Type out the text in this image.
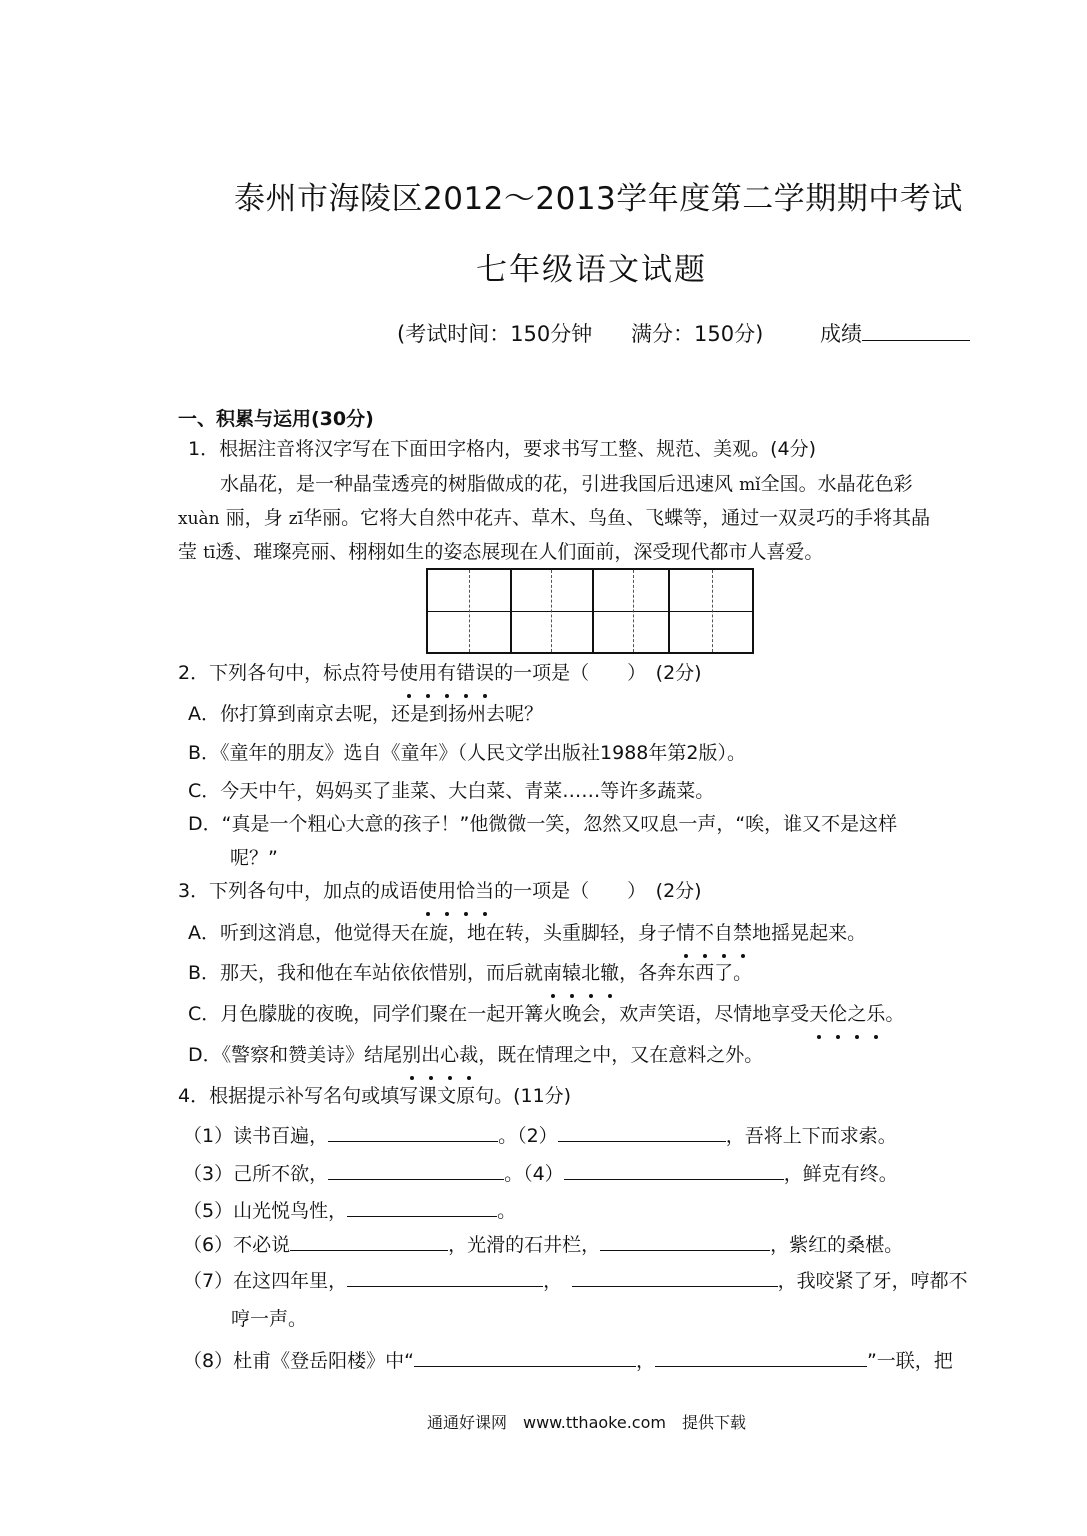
泰州市海陵区2012～2013学年度第二学期期中考试
七年级语文试题
(考试时间：150分钟 满分：150分)	成绩
一、积累与运用(30分)
1．根据注音将汉字写在下面田字格内，要求书写工整、规范、美观。(4分)
水晶花，是一种晶莹透亮的树脂做成的花，引进我国后迅速风 mǐ全国。水晶花色彩
xuàn 丽，身 zī华丽。它将大自然中花卉、草木、鸟鱼、飞蝶等，通过一双灵巧的手将其晶
莹 tī透、璀璨亮丽、栩栩如生的姿态展现在人们面前，深受现代都市人喜爱。
2．下列各句中，标点符号使用有错误的一项是（　　）　(2分)
A．你打算到南京去呢，还是到扬州去呢？
B．《童年的朋友》选自《童年》（人民文学出版社1988年第2版）。
C．今天中午，妈妈买了韭菜、大白菜、青菜……等许多蔬菜。
D．“真是一个粗心大意的孩子！”他微微一笑，忽然又叹息一声，“唉，谁又不是这样
呢？”
3．下列各句中，加点的成语使用恰当的一项是（　　）　(2分)
A．听到这消息，他觉得天在旋，地在转，头重脚轻，身子情不自禁地摇晃起来。
B．那天，我和他在车站依依惜别，而后就南辕北辙，各奔东西了。
C．月色朦胧的夜晚，同学们聚在一起开篝火晚会，欢声笑语，尽情地享受天伦之乐。
D．《警察和赞美诗》结尾别出心裁，既在情理之中，又在意料之外。
4．根据提示补写名句或填写课文原句。(11分)
（1）读书百遍，	。（2）	，吾将上下而求索。
（3）己所不欲，	。（4）	，鲜克有终。
（5）山光悦鸟性，	。
（6）不必说	，光滑的石井栏，	，紫红的桑椹。
（7）在这四年里，	，　	，我咬紧了牙，哼都不
哼一声。
（8）杜甫《登岳阳楼》中“	，	”一联，把
通通好课网　www.tthaoke.com　提供下载
